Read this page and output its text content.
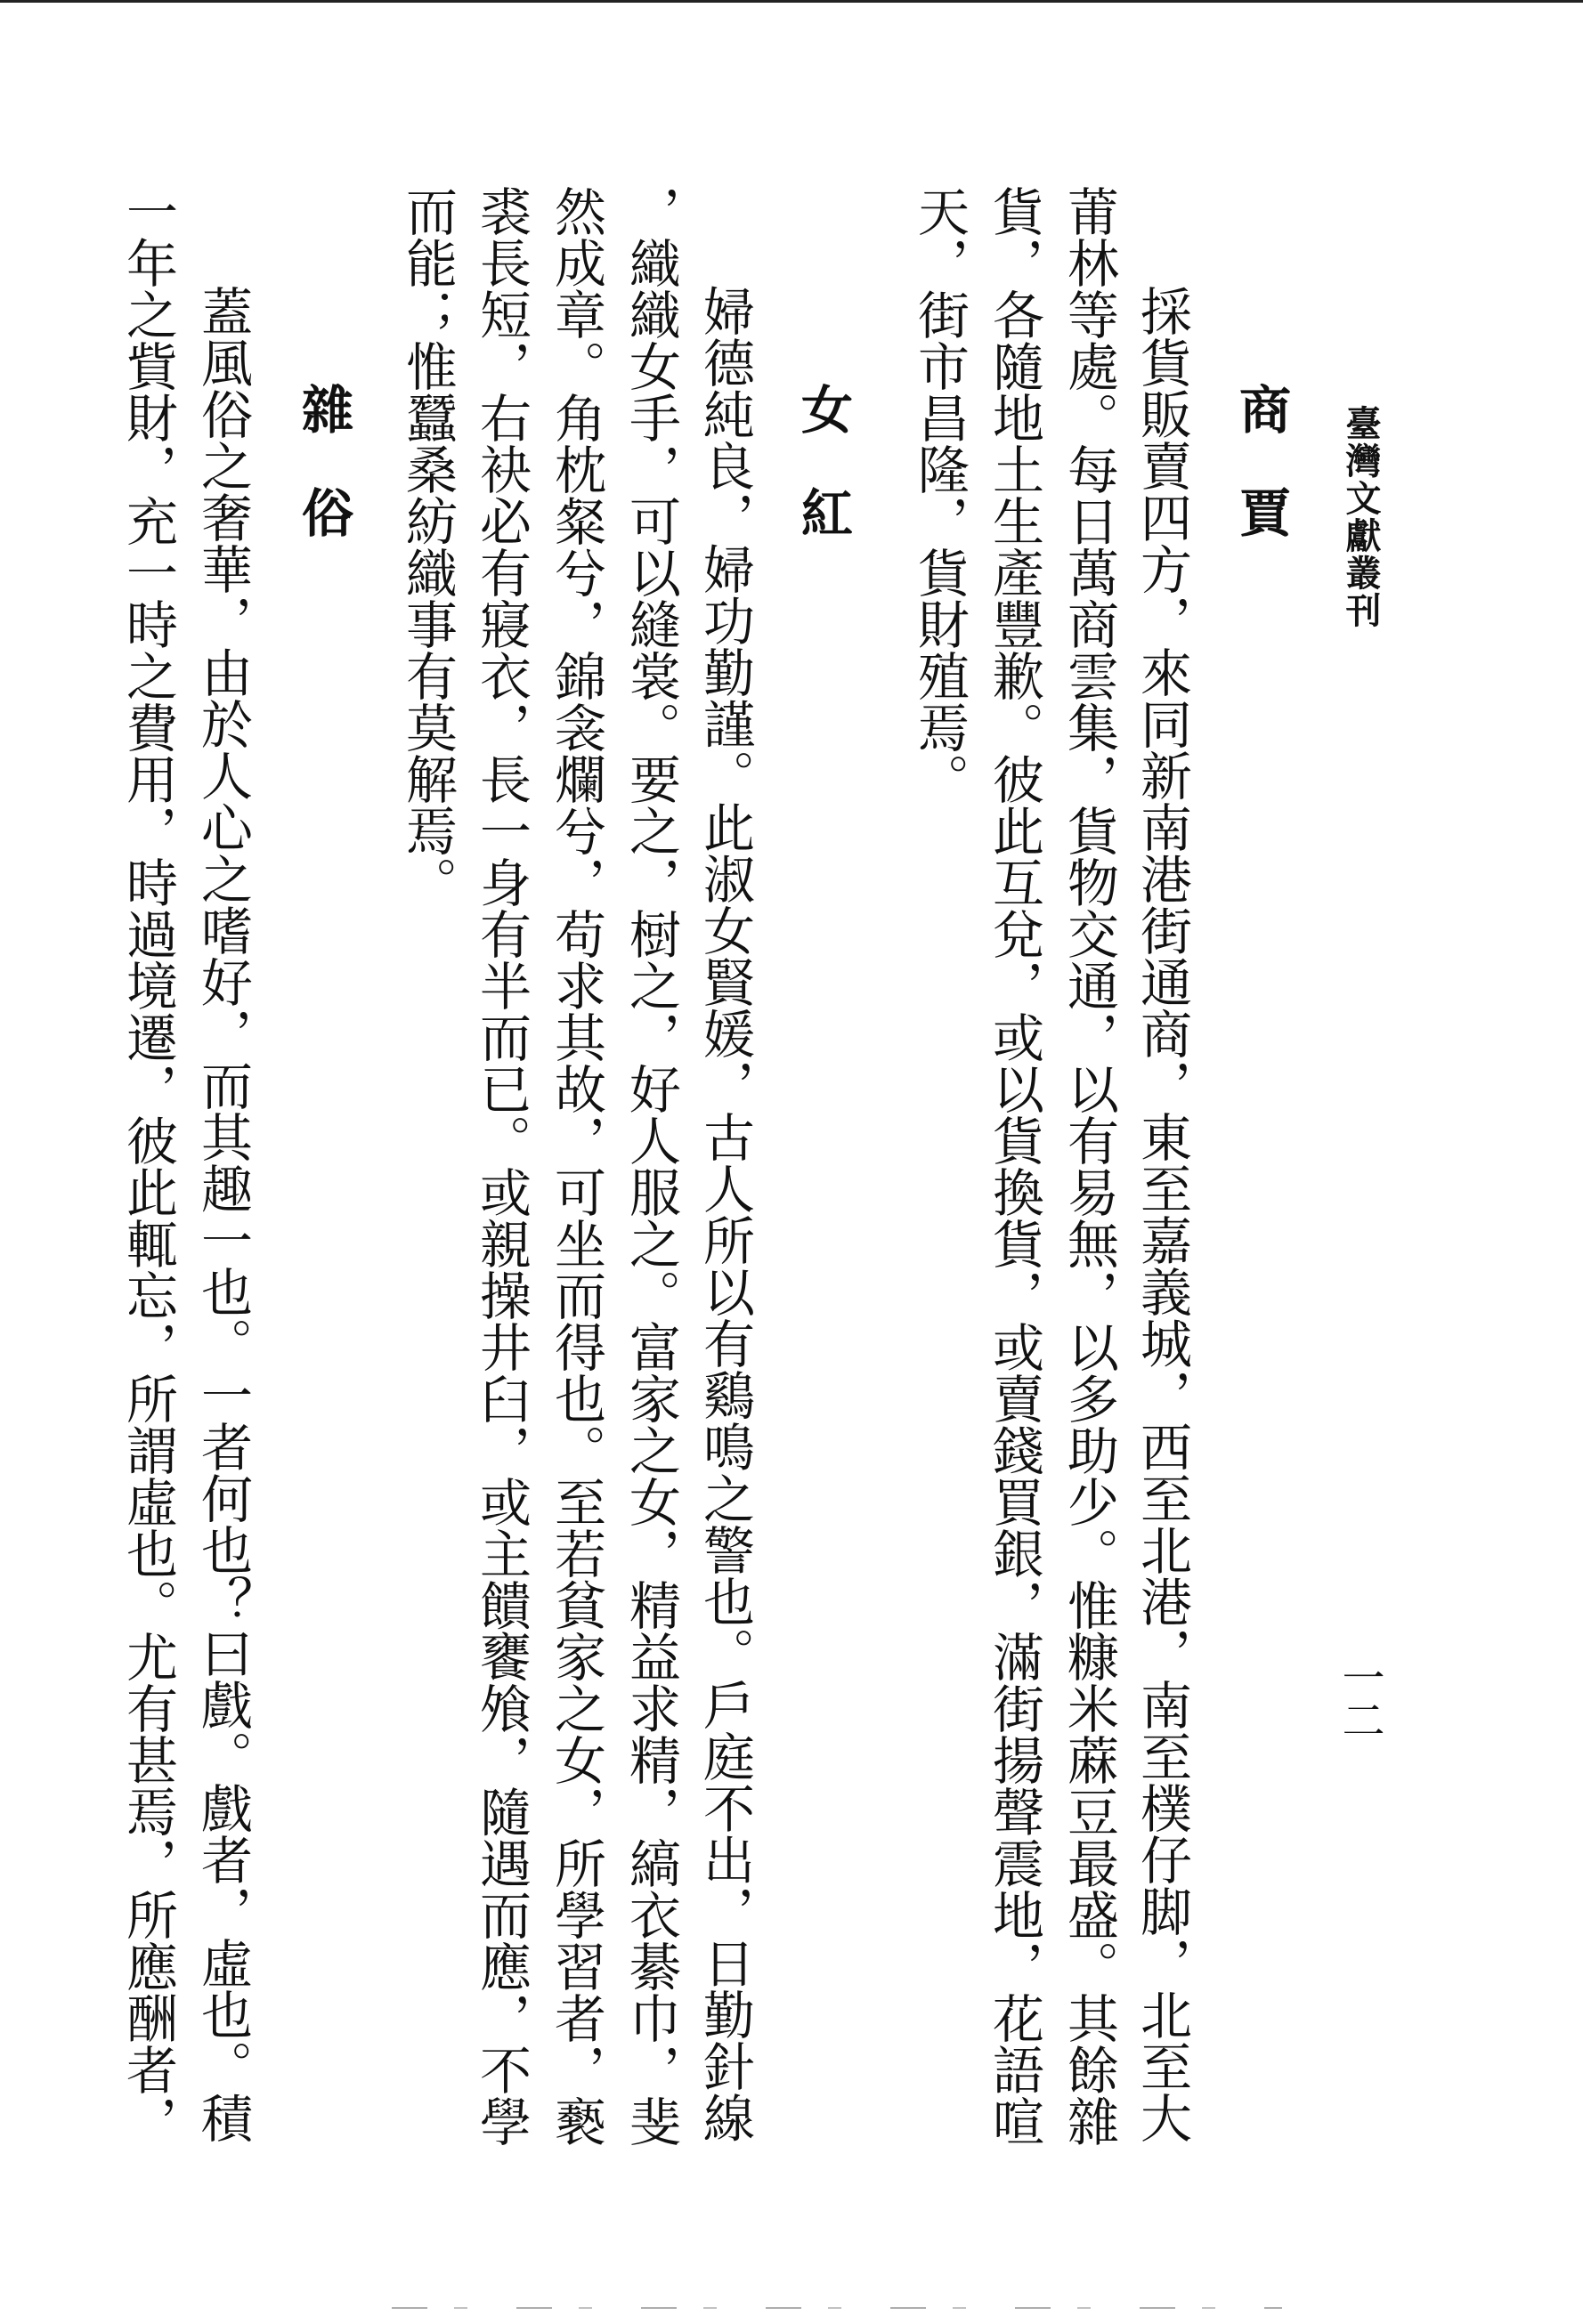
臺灣文獻叢刊
一二
商賈
採貨販賣四方，來同新南港街通商，東至嘉義城，西至北港，南至樸仔脚，北至大
莆林等處。每日萬商雲集，貨物交通，以有易無，以多助少。惟糠米蔴豆最盛。其餘雜
貨，各隨地土生產豐歉。彼此互兌，或以貨換貨，或賣錢買銀，滿街揚聲震地，花語喧
天，街市昌隆，貨財殖焉。
女紅
婦德純良，婦功勤謹。此淑女賢媛，古人所以有鷄鳴之警也。戶庭不出，日勤針線
，織織女手，可以縫裳。要之，𣗳之，好人服之。富家之女，精益求精，縞衣綦巾，斐
然成章。角枕粲兮，錦衾爛兮，苟求其故，可坐而得也。至若貧家之女，所學習者，褻
裘長短，右袂必有寢衣，長一身有半而已。或親操井臼，或主饋饔飧，隨遇而應，不學
而能；惟蠶桑紡織事有莫解焉。
雜俗
蓋風俗之奢華，由於人心之嗜好，而其趣一也。一者何也？曰戲。戲者，虛也。積
一年之貲財，充一時之費用，時過境遷，彼此輒忘，所謂虛也。尤有甚焉，所應酬者，
